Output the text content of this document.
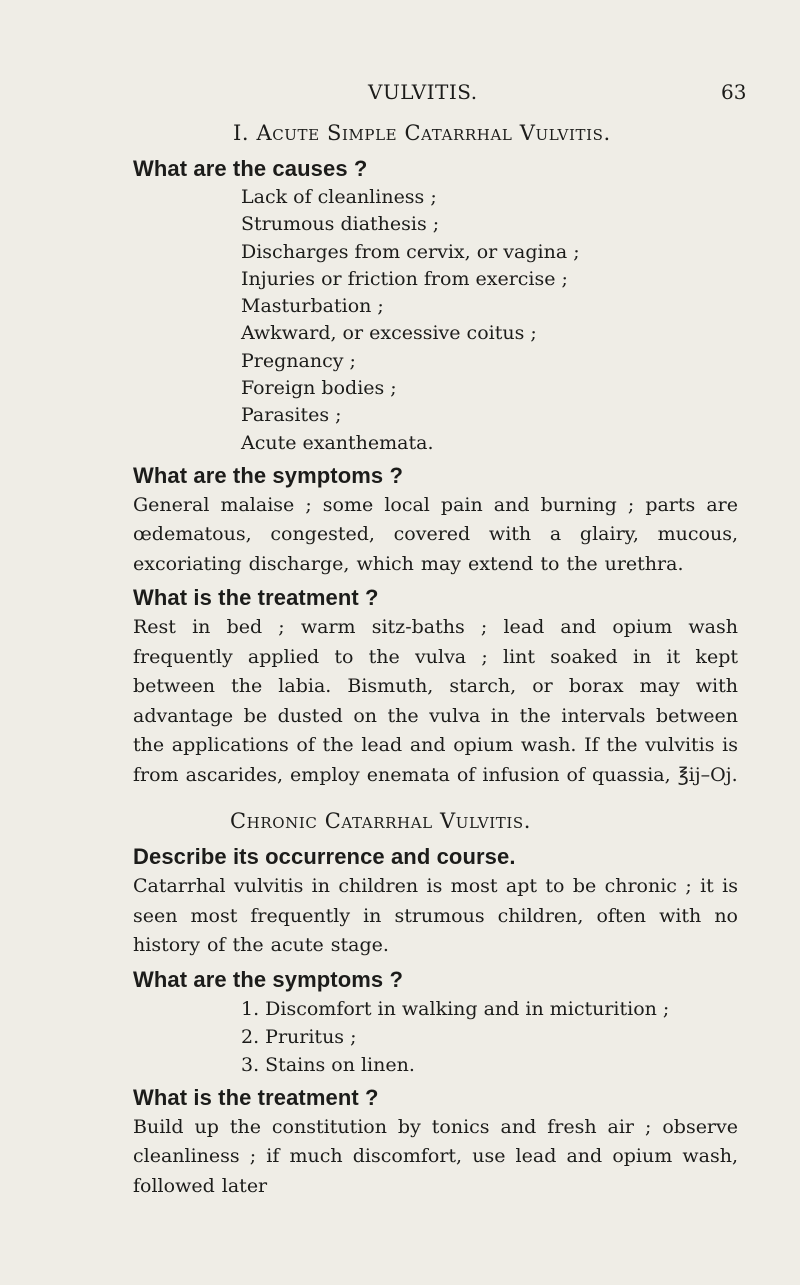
VULVITIS.	63
I. Acute Simple Catarrhal Vulvitis.
What are the causes ?
Lack of cleanliness ;
Strumous diathesis ;
Discharges from cervix, or vagina ;
Injuries or friction from exercise ;
Masturbation ;
Awkward, or excessive coitus ;
Pregnancy ;
Foreign bodies ;
Parasites ;
Acute exanthemata.
What are the symptoms ?

General malaise ; some local pain and burning ; parts are œdematous, congested, covered with a glairy, mucous, excoriating discharge, which may extend to the urethra.

What is the treatment ?

Rest in bed ; warm sitz-baths ; lead and opium wash frequently applied to the vulva ; lint soaked in it kept between the labia. Bismuth, starch, or borax may with advantage be dusted on the vulva in the intervals between the applications of the lead and opium wash. If the vulvitis is from ascarides, employ enemata of infusion of quassia, ℥ij–Oj.

Chronic Catarrhal Vulvitis.
Describe its occurrence and course.

Catarrhal vulvitis in children is most apt to be chronic ; it is seen most frequently in strumous children, often with no history of the acute stage.

What are the symptoms ?
1. Discomfort in walking and in micturition ;
2. Pruritus ;
3. Stains on linen.
What is the treatment ?

Build up the constitution by tonics and fresh air ; observe cleanliness ; if much discomfort, use lead and opium wash, followed later
